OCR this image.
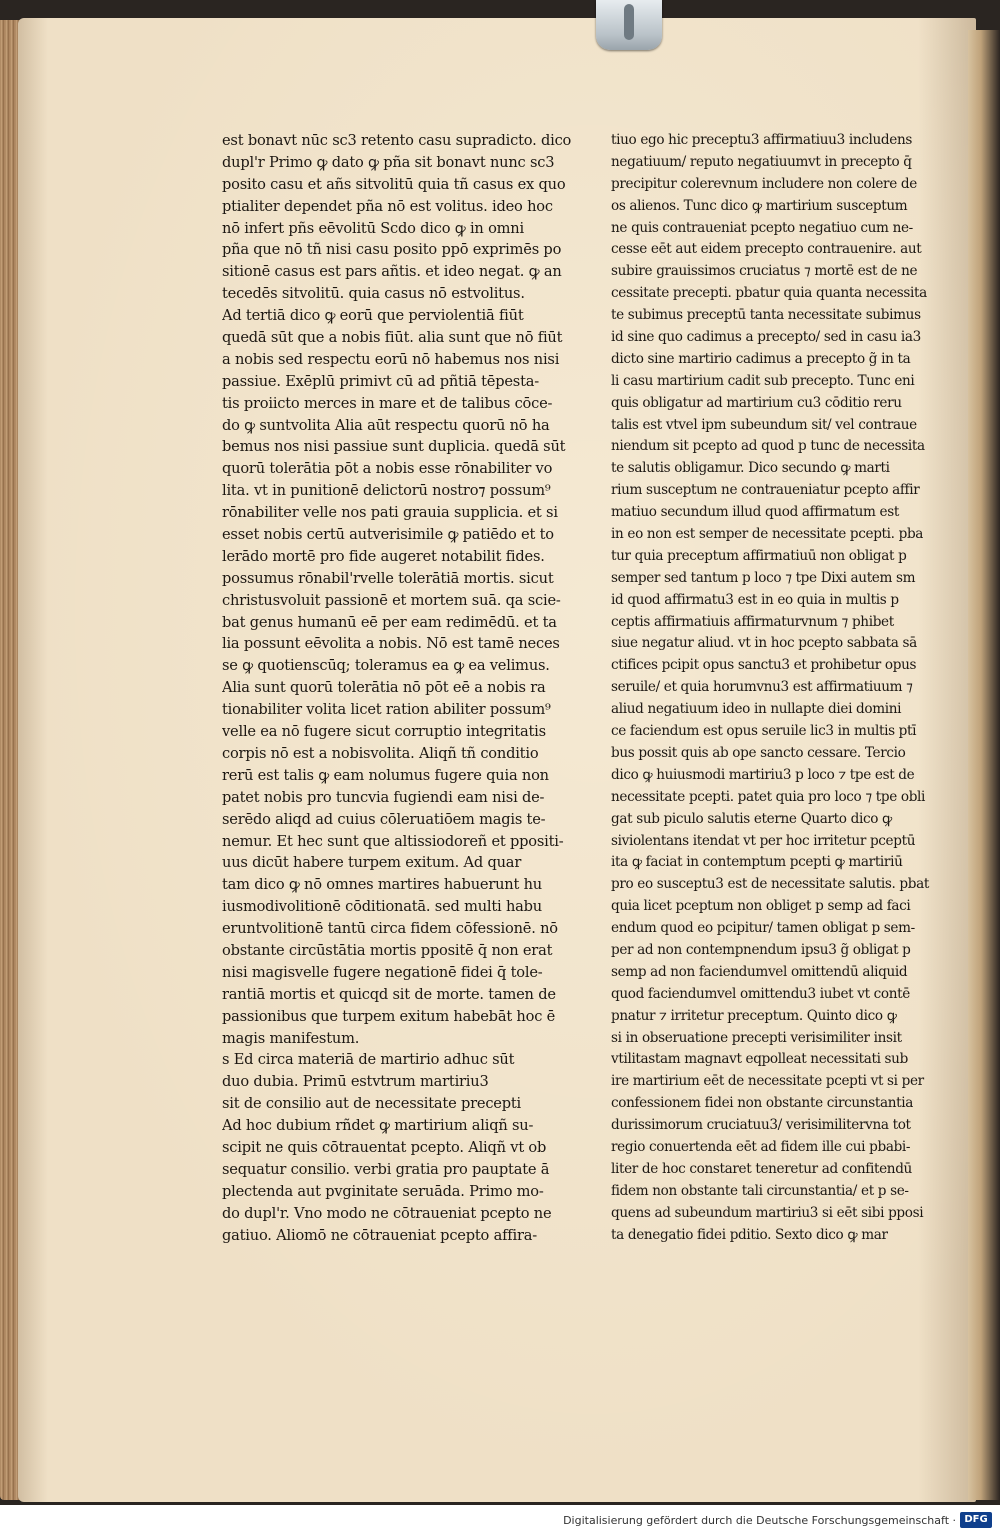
est bonavt nūc sc3 retento casu supradicto. dico
dupl'r Primo ꝙ dato ꝙ pña sit bonavt nunc sc3
posito casu et añs sitvolitū quia tñ casus ex quo
ptialiter dependet pña nō est volitus. ideo hoc
nō infert pñs eēvolitū Scdo dico ꝙ in omni
pña que nō tñ nisi casu posito ppō exprimēs po
sitionē casus est pars añtis. et ideo negat. ꝙ an
tecedēs sitvolitū. quia casus nō estvolitus.
Ad tertiā dico ꝙ eorū que perviolentiā fiūt
quedā sūt que a nobis fiūt. alia sunt que nō fiūt
a nobis sed respectu eorū nō habemus nos nisi
passiue. Exēplū primivt cū ad pñtiā tēpesta-
tis proiicto merces in mare et de talibus cōce-
do ꝙ suntvolita Alia aūt respectu quorū nō ha
bemus nos nisi passiue sunt duplicia. quedā sūt
quorū tolerātia pōt a nobis esse rōnabiliter vo
lita. vt in punitionē delictorū nostro⁊ possum⁹
rōnabiliter velle nos pati grauia supplicia. et si
esset nobis certū autverisimile ꝙ patiēdo et to
lerādo mortē pro fide augeret notabilit fides.
possumus rōnabil'rvelle tolerātiā mortis. sicut
christusvoluit passionē et mortem suā. qa scie-
bat genus humanū eē per eam redimēdū. et ta
lia possunt eēvolita a nobis. Nō est tamē neces
se ꝙ quotienscūq; toleramus ea ꝙ ea velimus.
Alia sunt quorū tolerātia nō pōt eē a nobis ra
tionabiliter volita licet ration abiliter possum⁹
velle ea nō fugere sicut corruptio integritatis
corpis nō est a nobisvolita. Aliqñ tñ conditio
rerū est talis ꝙ eam nolumus fugere quia non
patet nobis pro tuncvia fugiendi eam nisi de-
serēdo aliqd ad cuius cōleruatiōem magis te-
nemur. Et hec sunt que altissiodoreñ et ppositi-
uus dicūt habere turpem exitum. Ad quar
tam dico ꝙ nō omnes martires habuerunt hu
iusmodivolitionē cōditionatā. sed multi habu
eruntvolitionē tantū circa fidem cōfessionē. nō
obstante circūstātia mortis ppositē q̄ non erat
nisi magisvelle fugere negationē fidei q̄ tole-
rantiā mortis et quicqd sit de morte. tamen de
passionibus que turpem exitum habebāt hoc ē
magis manifestum.
s Ed circa materiā de martirio adhuc sūt
duo dubia. Primū estvtrum martiriu3
sit de consilio aut de necessitate precepti
Ad hoc dubium rñdet ꝙ martirium aliqñ su-
scipit ne quis cōtrauentat pcepto. Aliqñ vt ob
sequatur consilio. verbi gratia pro pauptate ā
plectenda aut pvginitate seruāda. Primo mo-
do dupl'r. Vno modo ne cōtraueniat pcepto ne
gatiuo. Aliomō ne cōtraueniat pcepto affira-
tiuo ego hic preceptu3 affirmatiuu3 includens
negatiuum/ reputo negatiuumvt in precepto q̄
precipitur colerevnum includere non colere de
os alienos. Tunc dico ꝙ martirium susceptum
ne quis contraueniat pcepto negatiuo cum ne-
cesse eēt aut eidem precepto contrauenire. aut
subire grauissimos cruciatus ⁊ mortē est de ne
cessitate precepti. pbatur quia quanta necessita
te subimus preceptū tanta necessitate subimus
id sine quo cadimus a precepto/ sed in casu ia3
dicto sine martirio cadimus a precepto g̃ in ta
li casu martirium cadit sub precepto. Tunc eni
quis obligatur ad martirium cu3 cōditio reru
talis est vtvel ipm subeundum sit/ vel contraue
niendum sit pcepto ad quod p tunc de necessita
te salutis obligamur. Dico secundo ꝙ marti
rium susceptum ne contraueniatur pcepto affir
matiuo secundum illud quod affirmatum est
in eo non est semper de necessitate pcepti. pba
tur quia preceptum affirmatiuū non obligat p
semper sed tantum p loco ⁊ tpe Dixi autem sm
id quod affirmatu3 est in eo quia in multis p
ceptis affirmatiuis affirmaturvnum ⁊ phibet
siue negatur aliud. vt in hoc pcepto sabbata sā
ctifices pcipit opus sanctu3 et prohibetur opus
seruile/ et quia horumvnu3 est affirmatiuum ⁊
aliud negatiuum ideo in nullapte diei domini
ce faciendum est opus seruile lic3 in multis ptī
bus possit quis ab ope sancto cessare. Tercio
dico ꝙ huiusmodi martiriu3 p loco ⁊ tpe est de
necessitate pcepti. patet quia pro loco ⁊ tpe obli
gat sub piculo salutis eterne Quarto dico ꝙ
siviolentans itendat vt per hoc irritetur pceptū
ita ꝙ faciat in contemptum pcepti ꝙ martiriū
pro eo susceptu3 est de necessitate salutis. pbat
quia licet pceptum non obliget p semp ad faci
endum quod eo pcipitur/ tamen obligat p sem-
per ad non contempnendum ipsu3 g̃ obligat p
semp ad non faciendumvel omittendū aliquid
quod faciendumvel omittendu3 iubet vt contē
pnatur ⁊ irritetur preceptum. Quinto dico ꝙ
si in obseruatione precepti verisimiliter insit
vtilitastam magnavt eqpolleat necessitati sub
ire martirium eēt de necessitate pcepti vt si per
confessionem fidei non obstante circunstantia
durissimorum cruciatuu3/ verisimilitervna tot
regio conuertenda eēt ad fidem ille cui pbabi-
liter de hoc constaret teneretur ad confitendū
fidem non obstante tali circunstantia/ et p se-
quens ad subeundum martiriu3 si eēt sibi pposi
ta denegatio fidei pditio. Sexto dico ꝙ mar
Digitalisierung gefördert durch die Deutsche Forschungsgemeinschaft · DFG
